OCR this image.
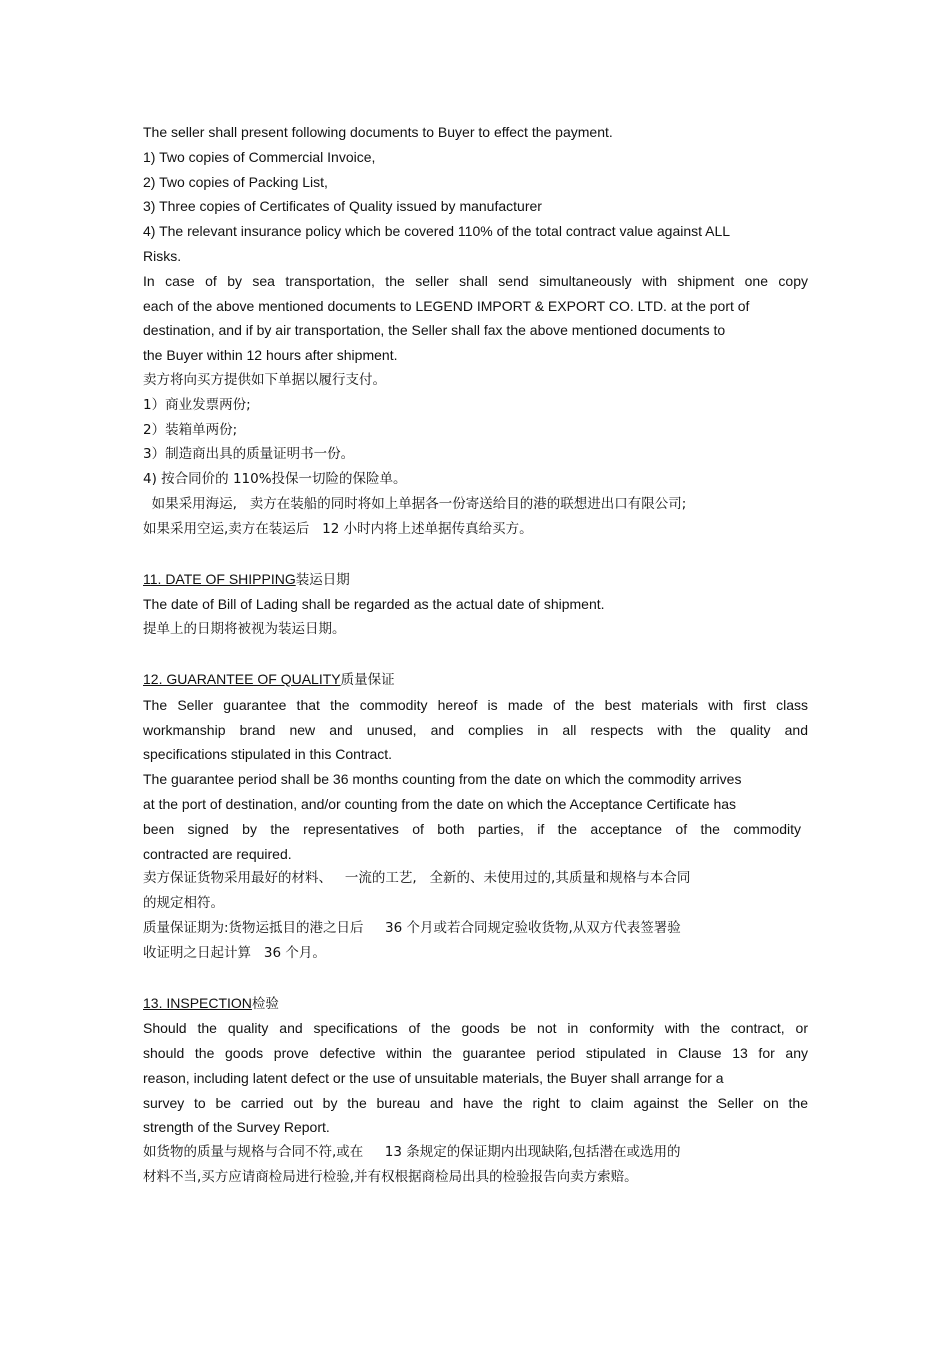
The seller shall present following documents to Buyer to effect the payment.

1) Two copies of Commercial Invoice,

2) Two copies of Packing List,

3) Three copies of Certificates of Quality issued by manufacturer

4) The relevant insurance policy which be covered 110% of the total contract value against ALL

Risks.

In case of by sea transportation, the seller shall send simultaneously with shipment one copy

each of the above mentioned documents to LEGEND IMPORT & EXPORT CO. LTD. at the port of

destination, and if by air transportation, the Seller shall fax the above mentioned documents to

the Buyer within 12 hours after shipment.

卖方将向买方提供如下单据以履行支付。

1）商业发票两份;

2）装箱单两份;

3）制造商出具的质量证明书一份。

4) 按合同价的 110%投保一切险的保险单。

如果采用海运,   卖方在装船的同时将如上单据各一份寄送给目的港的联想进出口有限公司;

如果采用空运,卖方在装运后   12 小时内将上述单据传真给买方。

11. DATE OF SHIPPING装运日期

The date of Bill of Lading shall be regarded as the actual date of shipment.

提单上的日期将被视为装运日期。

12. GUARANTEE OF QUALITY质量保证

The Seller guarantee that the commodity hereof is made of the best materials with first class

workmanship brand new and unused, and complies in all respects with the quality and

specifications stipulated in this Contract.

The guarantee period shall be 36 months counting from the date on which the commodity arrives

at the port of destination, and/or counting from the date on which the Acceptance Certificate has

been signed by the representatives of both parties, if the acceptance of the commodity

contracted are required.

卖方保证货物采用最好的材料、   一流的工艺,   全新的、未使用过的,其质量和规格与本合同

的规定相符。

质量保证期为:货物运抵目的港之日后     36 个月或若合同规定验收货物,从双方代表签署验

收证明之日起计算   36 个月。

13. INSPECTION检验

Should the quality and specifications of the goods be not in conformity with the contract, or

should the goods prove defective within the guarantee period stipulated in Clause 13 for any

reason, including latent defect or the use of unsuitable materials, the Buyer shall arrange for a

survey to be carried out by the bureau and have the right to claim against the Seller on the

strength of the Survey Report.

如货物的质量与规格与合同不符,或在     13 条规定的保证期内出现缺陷,包括潜在或选用的

材料不当,买方应请商检局进行检验,并有权根据商检局出具的检验报告向卖方索赔。
